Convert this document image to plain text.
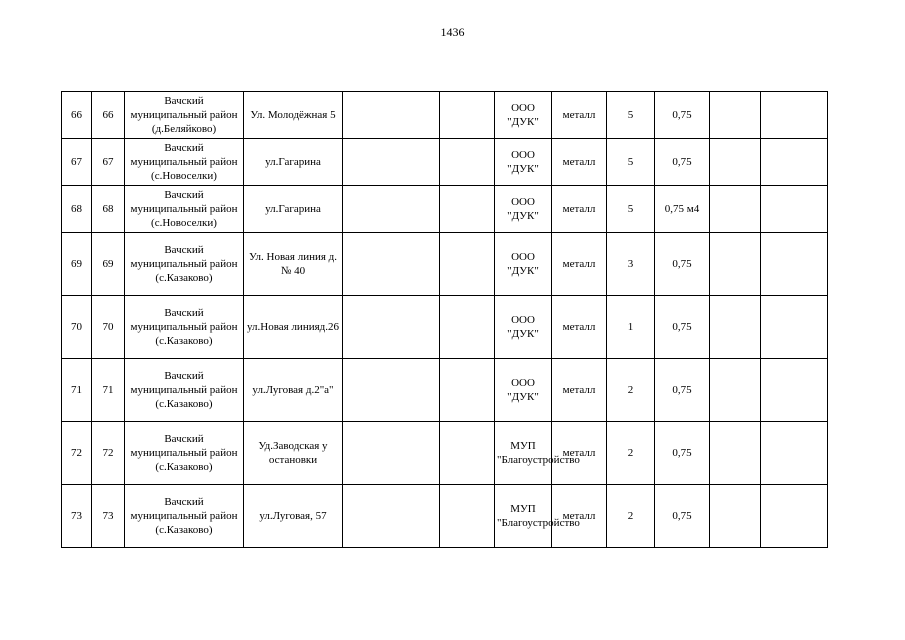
1436
66	66	Вачский муниципальный район (д.Беляйково)	Ул. Молодёжная 5			ООО "ДУК"	металл	5	0,75		
67	67	Вачский муниципальный район (с.Новоселки)	ул.Гагарина			ООО "ДУК"	металл	5	0,75		
68	68	Вачский муниципальный район (с.Новоселки)	ул.Гагарина			ООО "ДУК"	металл	5	0,75 м4		
69	69	Вачский муниципальный район (с.Казаково)	Ул. Новая линия д. № 40			ООО "ДУК"	металл	3	0,75		
70	70	Вачский муниципальный район (с.Казаково)	ул.Новая линияд.26			ООО "ДУК"	металл	1	0,75		
71	71	Вачский муниципальный район (с.Казаково)	ул.Луговая д.2"а"			ООО "ДУК"	металл	2	0,75		
72	72	Вачский муниципальный район (с.Казаково)	Уд.Заводская у остановки			МУП "Благоустройство	металл	2	0,75		
73	73	Вачский муниципальный район (с.Казаково)	ул.Луговая, 57			МУП "Благоустройство	металл	2	0,75		
